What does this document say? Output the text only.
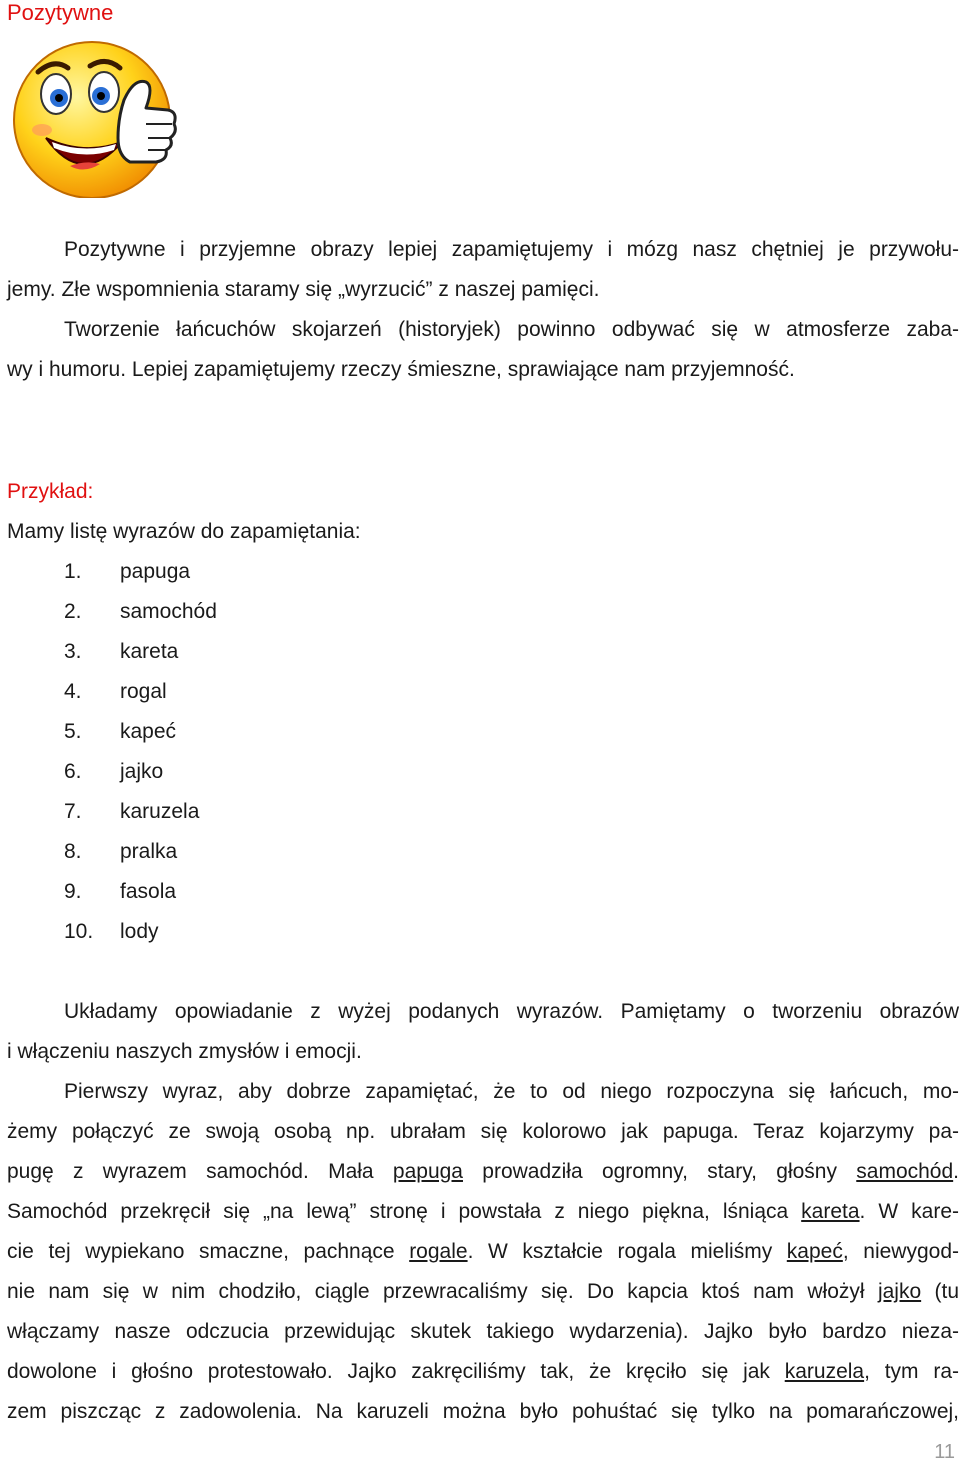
Pozytywne
Pozytywne i przyjemne obrazy lepiej zapamiętujemy i mózg nasz chętniej je przywołu-
jemy. Złe wspomnienia staramy się „wyrzucić” z naszej pamięci.
Tworzenie łańcuchów skojarzeń (historyjek) powinno odbywać się w atmosferze zaba-
wy i humoru. Lepiej zapamiętujemy rzeczy śmieszne, sprawiające nam przyjemność.
Przykład:
Mamy listę wyrazów do zapamiętania:
1. papuga
2. samochód
3. kareta
4. rogal
5. kapeć
6. jajko
7. karuzela
8. pralka
9. fasola
10. lody
Układamy opowiadanie z wyżej podanych wyrazów. Pamiętamy o tworzeniu obrazów
i włączeniu naszych zmysłów i emocji.
Pierwszy wyraz, aby dobrze zapamiętać, że to od niego rozpoczyna się łańcuch, mo-
żemy połączyć ze swoją osobą np. ubrałam się kolorowo jak papuga. Teraz kojarzymy pa-
pugę z wyrazem samochód. Mała papuga prowadziła ogromny, stary, głośny samochód.
Samochód przekręcił się „na lewą” stronę i powstała z niego piękna, lśniąca kareta. W kare-
cie tej wypiekano smaczne, pachnące rogale. W kształcie rogala mieliśmy kapeć, niewygod-
nie nam się w nim chodziło, ciągle przewracaliśmy się. Do kapcia ktoś nam włożył jajko (tu
włączamy nasze odczucia przewidując skutek takiego wydarzenia). Jajko było bardzo nieza-
dowolone i głośno protestowało. Jajko zakręciliśmy tak, że kręciło się jak karuzela, tym ra-
zem piszcząc z zadowolenia. Na karuzeli można było pohuśtać się tylko na pomarańczowej,
11
